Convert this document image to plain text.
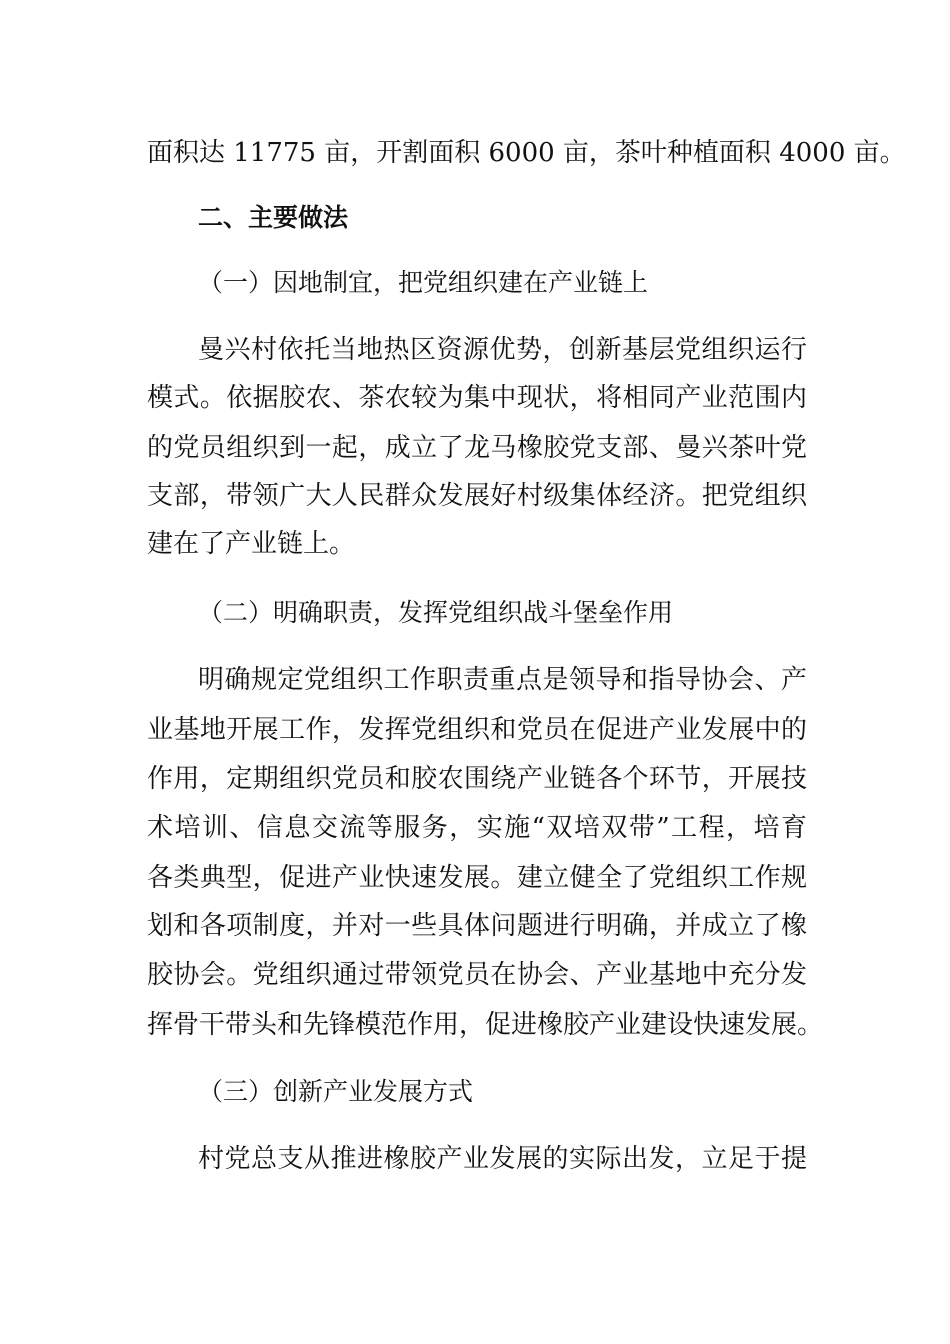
面积达 11775 亩，开割面积 6000 亩，茶叶种植面积 4000 亩。
二、主要做法
（一）因地制宜，把党组织建在产业链上
曼兴村依托当地热区资源优势，创新基层党组织运行
模式。依据胶农、茶农较为集中现状，将相同产业范围内
的党员组织到一起，成立了龙马橡胶党支部、曼兴茶叶党
支部，带领广大人民群众发展好村级集体经济。把党组织
建在了产业链上。
（二）明确职责，发挥党组织战斗堡垒作用
明确规定党组织工作职责重点是领导和指导协会、产
业基地开展工作，发挥党组织和党员在促进产业发展中的
作用，定期组织党员和胶农围绕产业链各个环节，开展技
术培训、信息交流等服务，实施“双培双带”工程，培育
各类典型，促进产业快速发展。建立健全了党组织工作规
划和各项制度，并对一些具体问题进行明确，并成立了橡
胶协会。党组织通过带领党员在协会、产业基地中充分发
挥骨干带头和先锋模范作用，促进橡胶产业建设快速发展。
（三）创新产业发展方式
村党总支从推进橡胶产业发展的实际出发，立足于提
